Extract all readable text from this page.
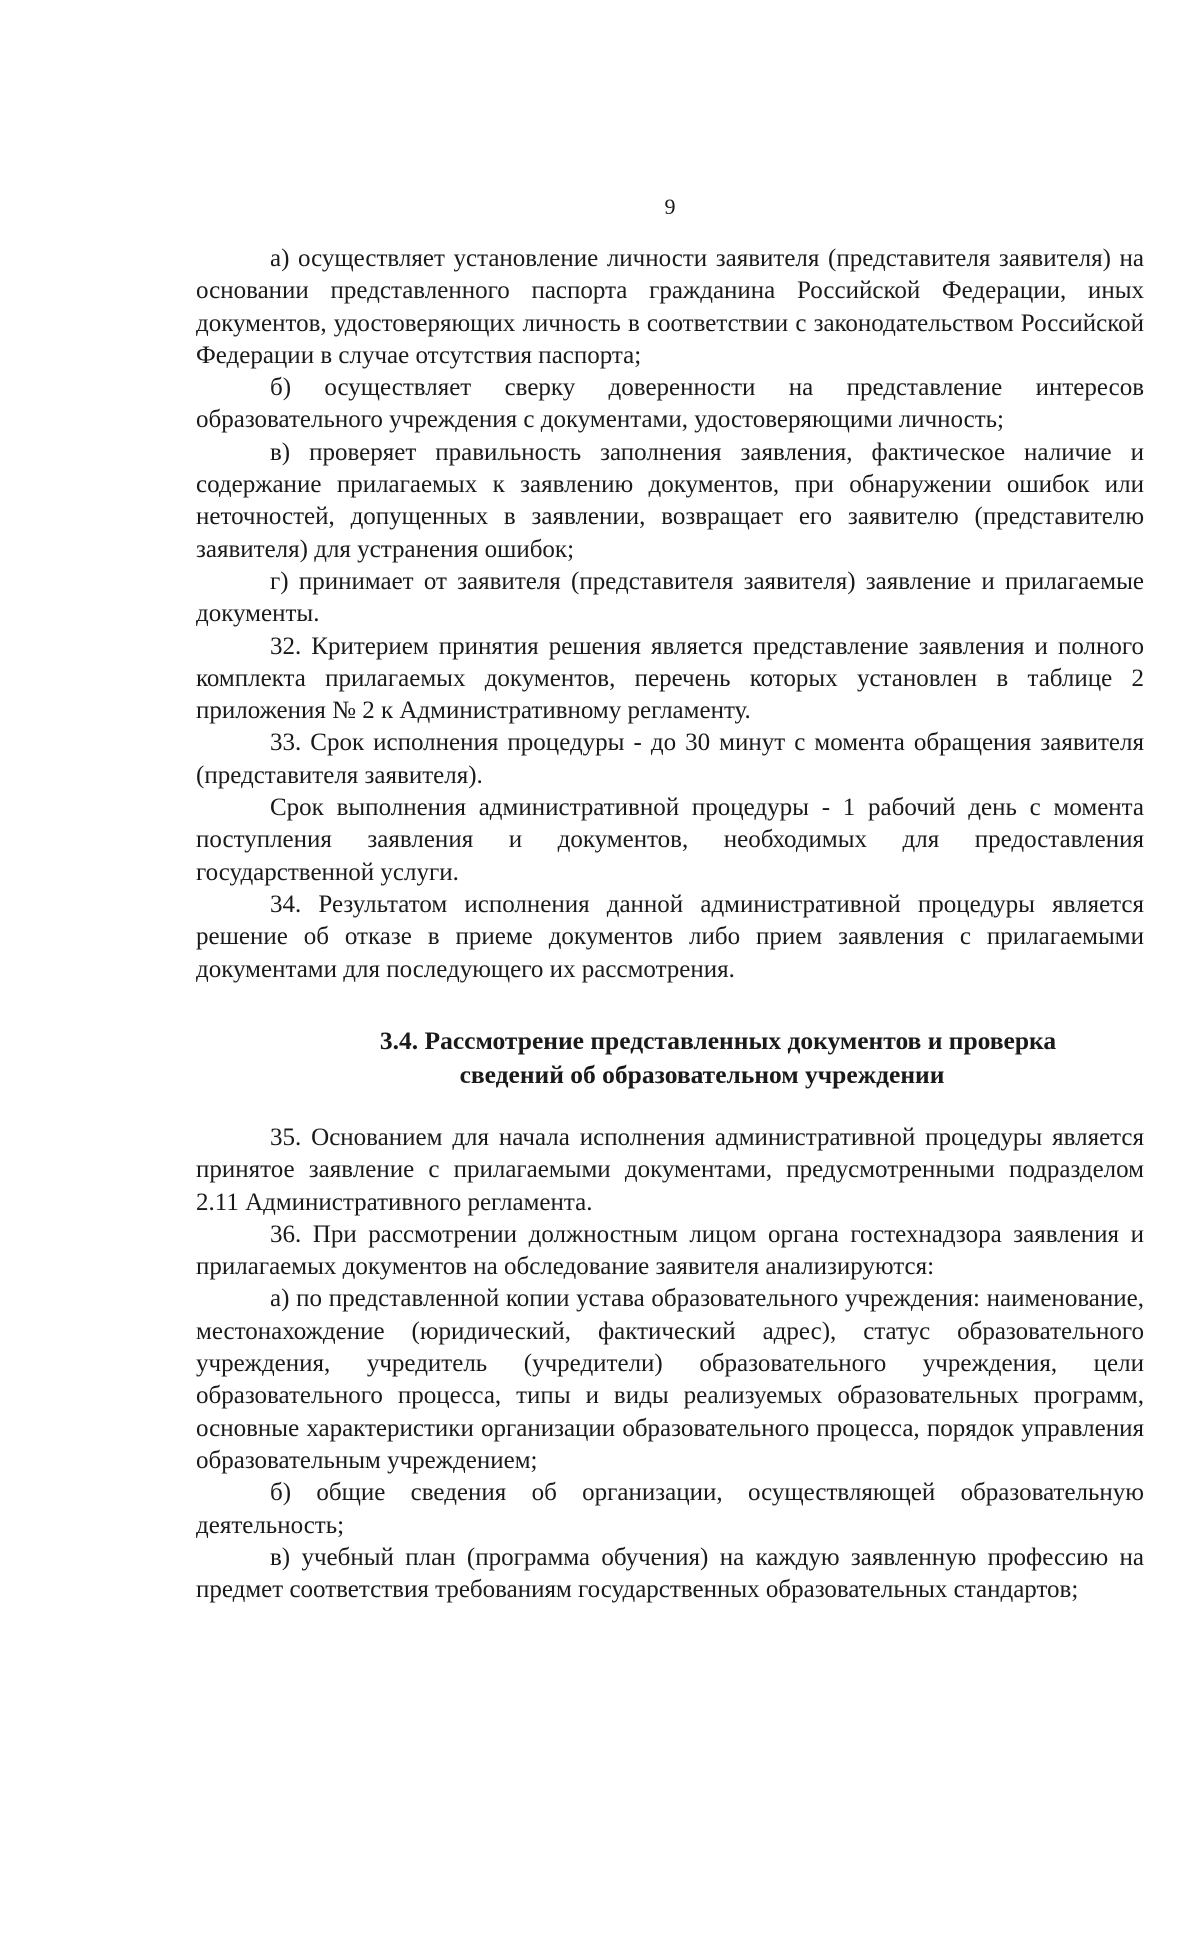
9

а) осуществляет установление личности заявителя (представителя заявителя) на основании представленного паспорта гражданина Российской Федерации, иных документов, удостоверяющих личность в соответствии с законодательством Российской Федерации в случае отсутствия паспорта;

б) осуществляет сверку доверенности на представление интересов образовательного учреждения с документами, удостоверяющими личность;

в) проверяет правильность заполнения заявления, фактическое наличие и содержание прилагаемых к заявлению документов, при обнаружении ошибок или неточностей, допущенных в заявлении, возвращает его заявителю (представителю заявителя) для устранения ошибок;

г) принимает от заявителя (представителя заявителя) заявление и прилагаемые документы.

32. Критерием принятия решения является представление заявления и полного комплекта прилагаемых документов, перечень которых установлен в таблице 2 приложения № 2 к Административному регламенту.

33. Срок исполнения процедуры - до 30 минут с момента обращения заявителя (представителя заявителя).

Срок выполнения административной процедуры - 1 рабочий день с момента поступления заявления и документов, необходимых для предоставления государственной услуги.

34. Результатом исполнения данной административной процедуры является решение об отказе в приеме документов либо прием заявления с прилагаемыми документами для последующего их рассмотрения.

3.4. Рассмотрение представленных документов и проверка
сведений об образовательном учреждении

35. Основанием для начала исполнения административной процедуры является принятое заявление с прилагаемыми документами, предусмотренными подразделом 2.11 Административного регламента.

36. При рассмотрении должностным лицом органа гостехнадзора заявления и прилагаемых документов на обследование заявителя анализируются:

а) по представленной копии устава образовательного учреждения: наименование, местонахождение (юридический, фактический адрес), статус образовательного учреждения, учредитель (учредители) образовательного учреждения, цели образовательного процесса, типы и виды реализуемых образовательных программ, основные характеристики организации образовательного процесса, порядок управления образовательным учреждением;

б) общие сведения об организации, осуществляющей образовательную деятельность;

в) учебный план (программа обучения) на каждую заявленную профессию на предмет соответствия требованиям государственных образовательных стандартов;
